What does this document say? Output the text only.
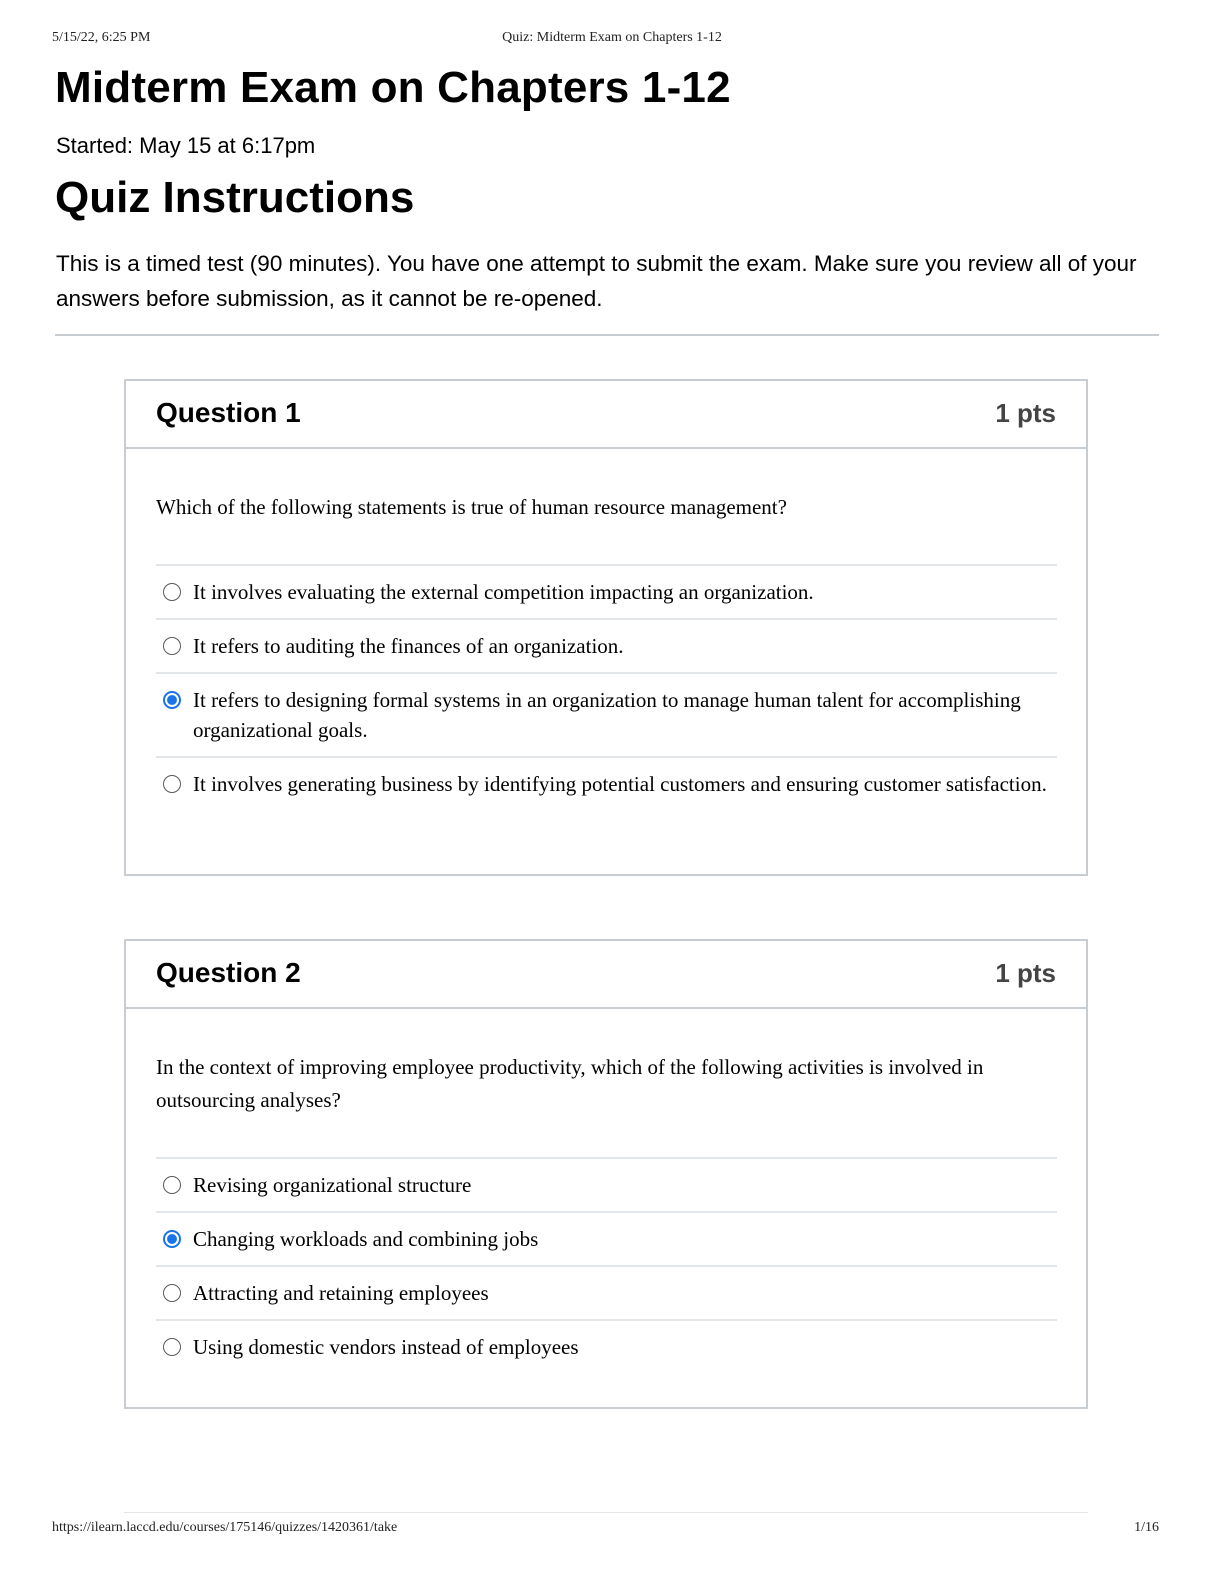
5/15/22, 6:25 PM	Quiz: Midterm Exam on Chapters 1-12
Midterm Exam on Chapters 1-12
Started: May 15 at 6:17pm
Quiz Instructions

This is a timed test (90 minutes). You have one attempt to submit the exam. Make sure you review all of your answers before submission, as it cannot be re-opened.

Question 1	1 pts

Which of the following statements is true of human resource management?

It involves evaluating the external competition impacting an organization.
It refers to auditing the finances of an organization.
It refers to designing formal systems in an organization to manage human talent for accomplishing organizational goals.
It involves generating business by identifying potential customers and ensuring customer satisfaction.
Question 2	1 pts

In the context of improving employee productivity, which of the following activities is involved in outsourcing analyses?

Revising organizational structure
Changing workloads and combining jobs
Attracting and retaining employees
Using domestic vendors instead of employees
https://ilearn.laccd.edu/courses/175146/quizzes/1420361/take	1/16
